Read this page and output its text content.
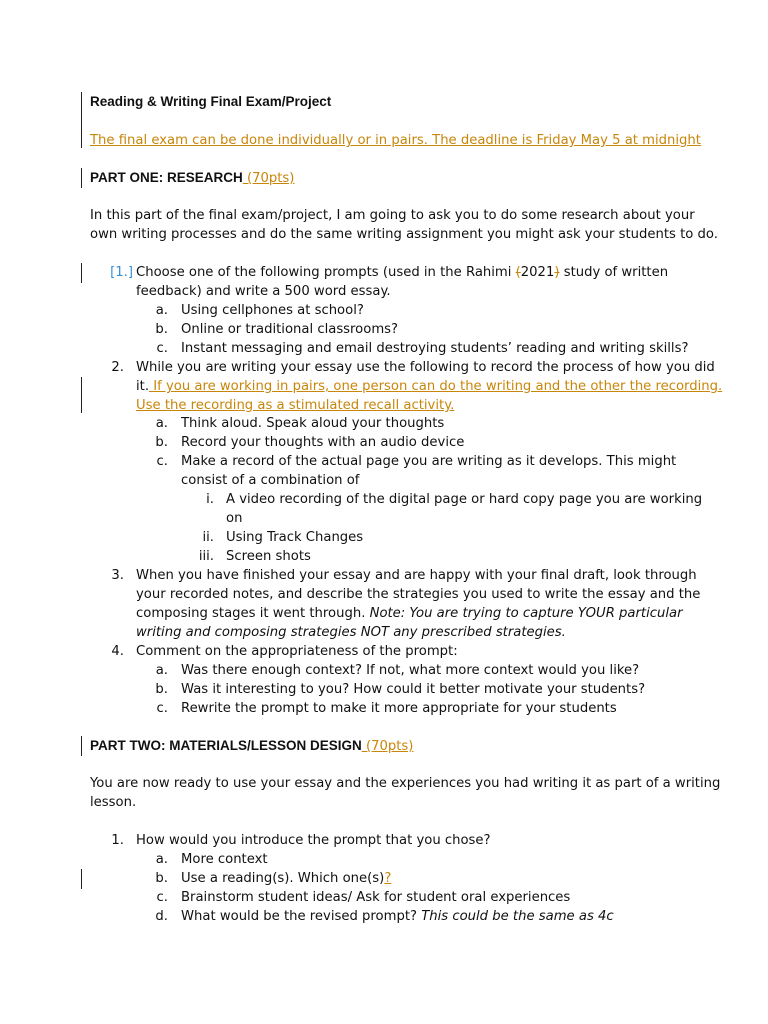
Reading & Writing Final Exam/Project
The final exam can be done individually or in pairs. The deadline is Friday May 5 at midnight
PART ONE: RESEARCH (70pts)
In this part of the final exam/project, I am going to ask you to do some research about your
own writing processes and do the same writing assignment you might ask your students to do.
[1.] Choose one of the following prompts (used in the Rahimi (2021) study of written
feedback) and write a 500 word essay.
a. Using cellphones at school?
b. Online or traditional classrooms?
c. Instant messaging and email destroying students’ reading and writing skills?
2. While you are writing your essay use the following to record the process of how you did
it. If you are working in pairs, one person can do the writing and the other the recording.
Use the recording as a stimulated recall activity.
a. Think aloud. Speak aloud your thoughts
b. Record your thoughts with an audio device
c. Make a record of the actual page you are writing as it develops. This might
consist of a combination of
i. A video recording of the digital page or hard copy page you are working
on
ii. Using Track Changes
iii. Screen shots
3. When you have finished your essay and are happy with your final draft, look through
your recorded notes, and describe the strategies you used to write the essay and the
composing stages it went through. Note: You are trying to capture YOUR particular
writing and composing strategies NOT any prescribed strategies.
4. Comment on the appropriateness of the prompt:
a. Was there enough context? If not, what more context would you like?
b. Was it interesting to you? How could it better motivate your students?
c. Rewrite the prompt to make it more appropriate for your students
PART TWO: MATERIALS/LESSON DESIGN (70pts)
You are now ready to use your essay and the experiences you had writing it as part of a writing
lesson.
1. How would you introduce the prompt that you chose?
a. More context
b. Use a reading(s). Which one(s)?
c. Brainstorm student ideas/ Ask for student oral experiences
d. What would be the revised prompt? This could be the same as 4c
